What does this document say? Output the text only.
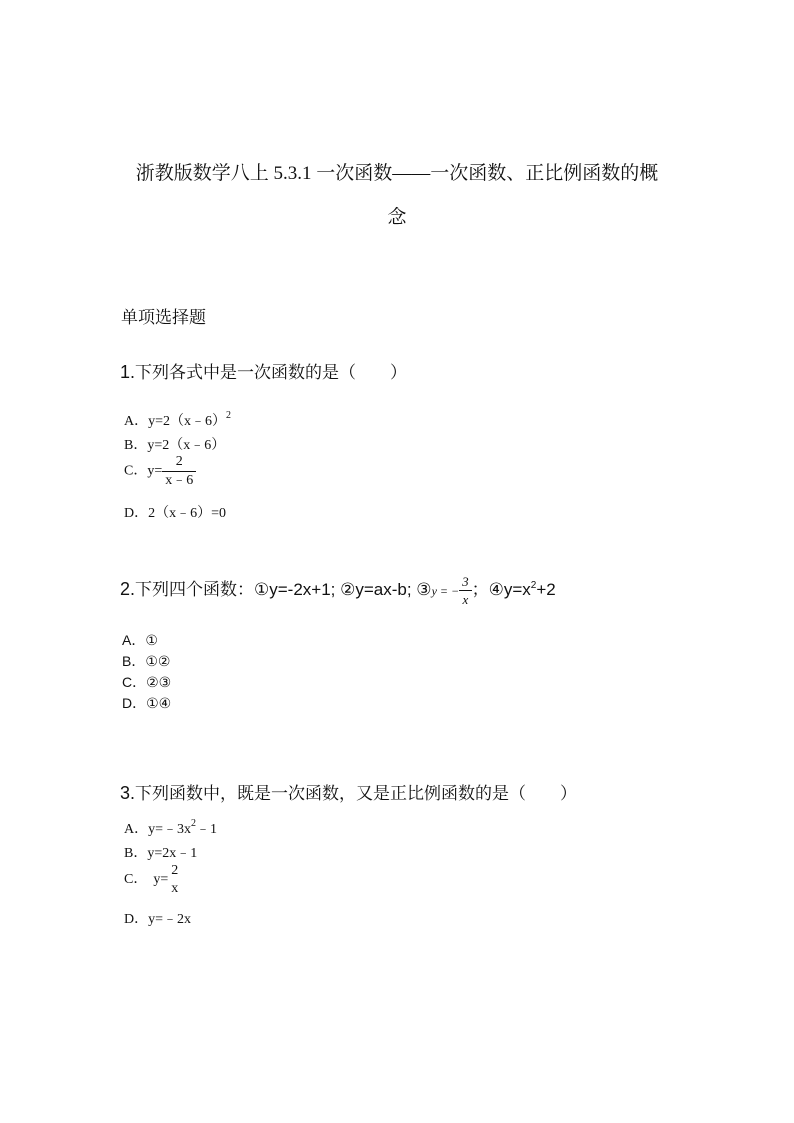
浙教版数学八上 5.3.1 一次函数——一次函数、正比例函数的概
念
单项选择题
1.下列各式中是一次函数的是（　　）
A．y=2（x﹣6）$^2$
B．y=2（x﹣6）
C．$y= \frac{2}{x﹣6}$
D．2（x﹣6）=0
2.下列四个函数：①y=-2x+1; ②y=ax-b; ③y = − $\frac{3}{x}$ ；$④y=x^2+2$
A．①
B．①②
C．②③
D．①④
3.下列函数中，既是一次函数，又是正比例函数的是（　　）
A．$y=﹣3x^2﹣1$
B．y=2x﹣1
C． y=
2
x
D．y=﹣2x
